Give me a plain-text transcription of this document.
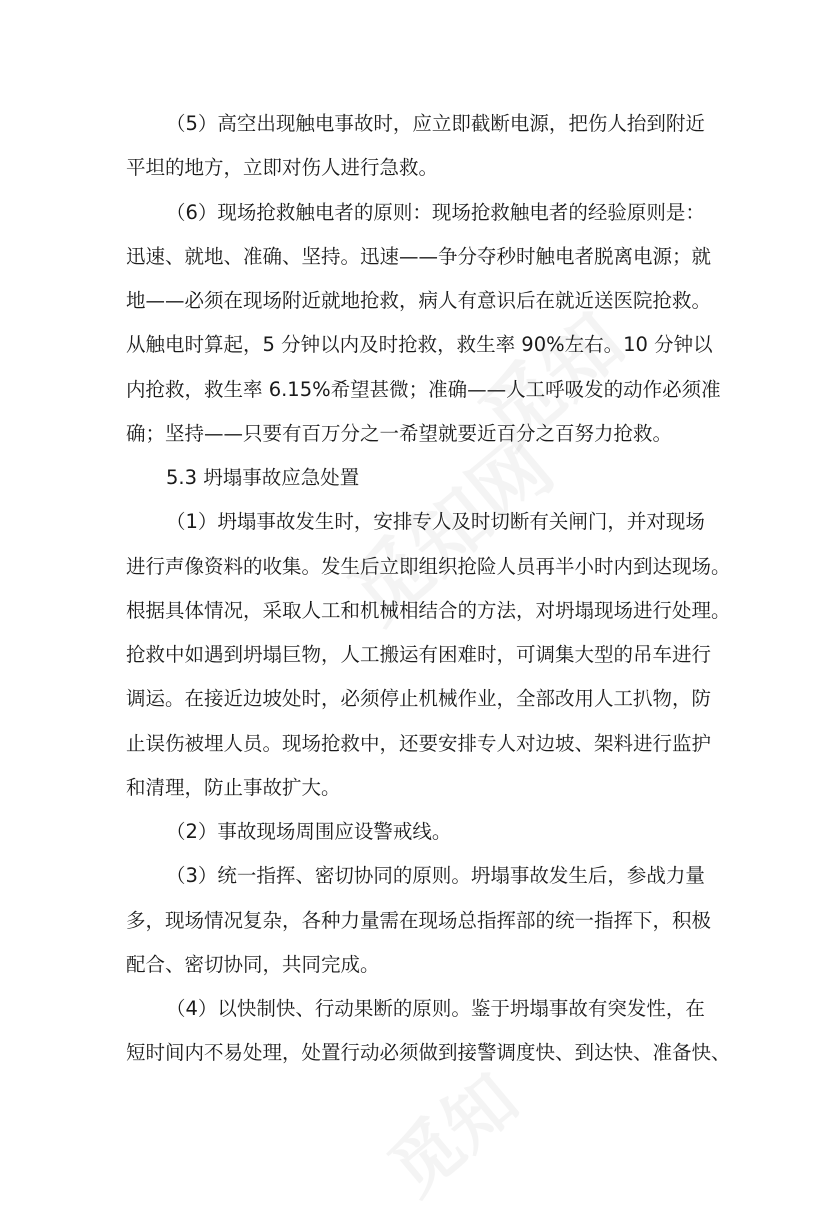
（5）高空出现触电事故时，应立即截断电源，把伤人抬到附近
平坦的地方，立即对伤人进行急救。
（6）现场抢救触电者的原则：现场抢救触电者的经验原则是：
迅速、就地、准确、坚持。迅速——争分夺秒时触电者脱离电源；就
地——必须在现场附近就地抢救，病人有意识后在就近送医院抢救。
从触电时算起，5 分钟以内及时抢救，救生率 90%左右。10 分钟以
内抢救，救生率 6.15%希望甚微；准确——人工呼吸发的动作必须准
确；坚持——只要有百万分之一希望就要近百分之百努力抢救。
5.3 坍塌事故应急处置
（1）坍塌事故发生时，安排专人及时切断有关闸门，并对现场
进行声像资料的收集。发生后立即组织抢险人员再半小时内到达现场。
根据具体情况，采取人工和机械相结合的方法，对坍塌现场进行处理。
抢救中如遇到坍塌巨物，人工搬运有困难时，可调集大型的吊车进行
调运。在接近边坡处时，必须停止机械作业，全部改用人工扒物，防
止误伤被埋人员。现场抢救中，还要安排专人对边坡、架料进行监护
和清理，防止事故扩大。
（2）事故现场周围应设警戒线。
（3）统一指挥、密切协同的原则。坍塌事故发生后，参战力量
多，现场情况复杂，各种力量需在现场总指挥部的统一指挥下，积极
配合、密切协同，共同完成。
（4）以快制快、行动果断的原则。鉴于坍塌事故有突发性，在
短时间内不易处理，处置行动必须做到接警调度快、到达快、准备快、
